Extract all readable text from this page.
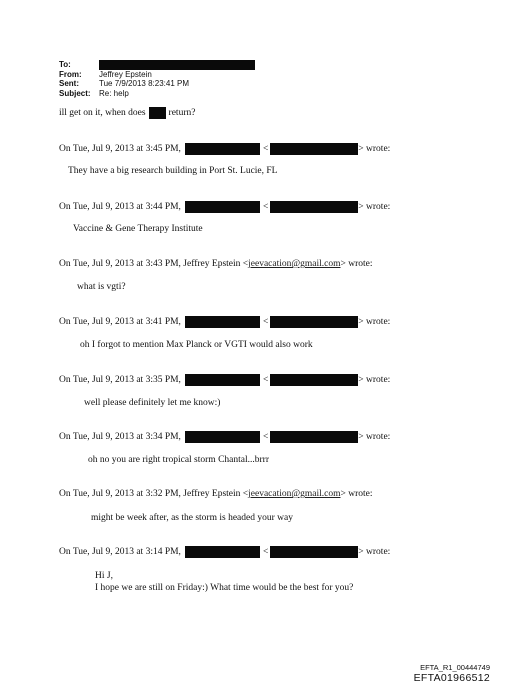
To:
From:	Jeffrey Epstein
Sent:	Tue 7/9/2013 8:23:41 PM
Subject:	Re: help
ill get on it, when does return?
On Tue, Jul 9, 2013 at 3:45 PM,	<	> wrote:
They have a big research building in Port St. Lucie, FL
On Tue, Jul 9, 2013 at 3:44 PM,	<	> wrote:
Vaccine & Gene Therapy Institute
On Tue, Jul 9, 2013 at 3:43 PM, Jeffrey Epstein < jeevacation@gmail.com > wrote:
what is vgti?
On Tue, Jul 9, 2013 at 3:41 PM,	<	> wrote:
oh I forgot to mention Max Planck or VGTI would also work
On Tue, Jul 9, 2013 at 3:35 PM,	<	> wrote:
well please definitely let me know:)
On Tue, Jul 9, 2013 at 3:34 PM,	<	> wrote:
oh no you are right tropical storm Chantal...brrr
On Tue, Jul 9, 2013 at 3:32 PM, Jeffrey Epstein < jeevacation@gmail.com > wrote:
might be week after, as the storm is headed your way
On Tue, Jul 9, 2013 at 3:14 PM,	<	> wrote:
Hi J,
I hope we are still on Friday:) What time would be the best for you?
EFTA_R1_00444749
EFTA01966512
